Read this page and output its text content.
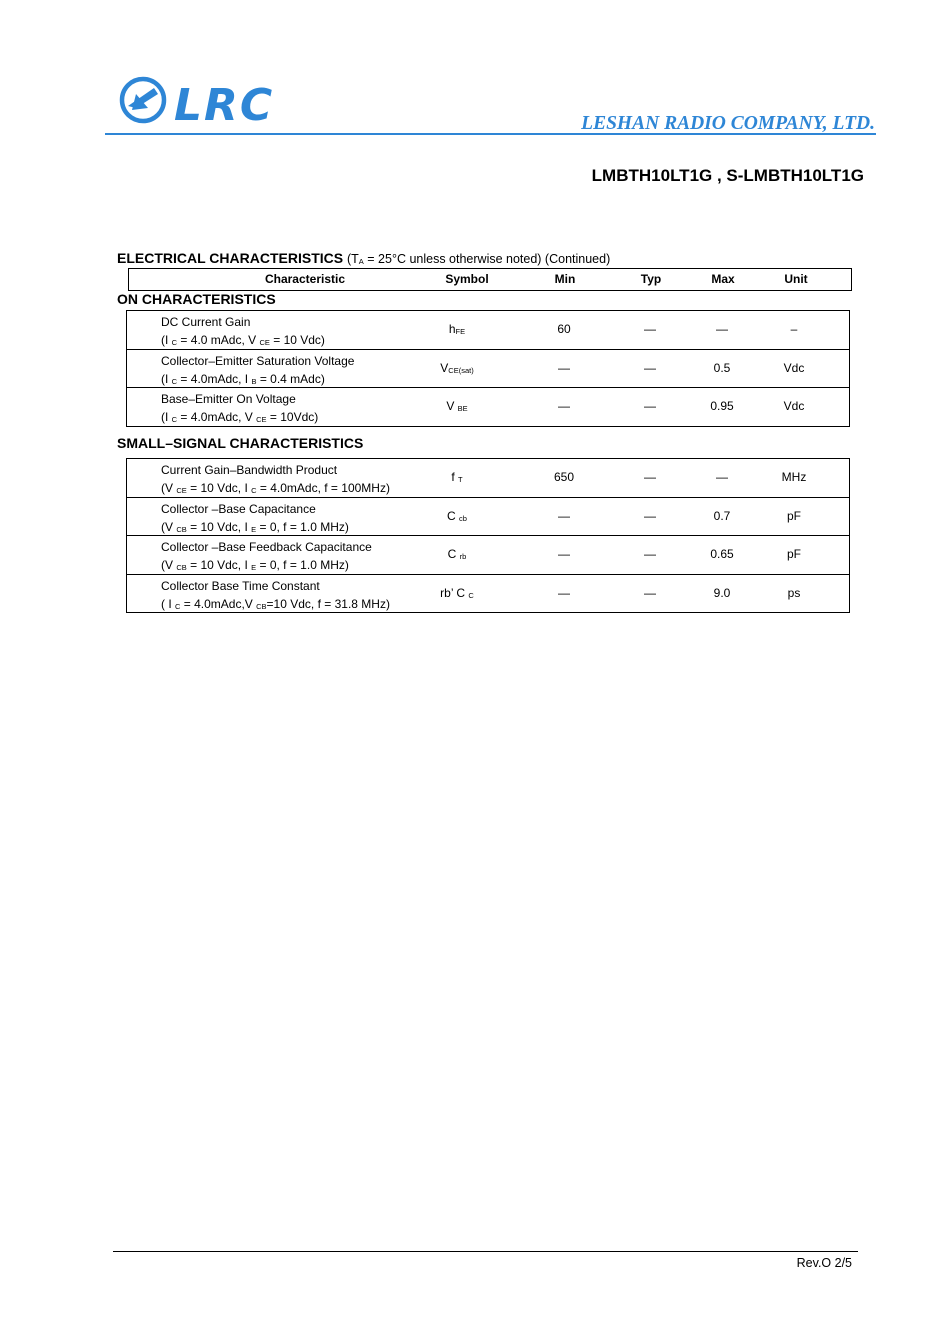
LRC	LESHAN RADIO COMPANY, LTD.
LMBTH10LT1G , S-LMBTH10LT1G
ELECTRICAL CHARACTERISTICS ($T_A = 25^\circ C$ unless otherwise noted) (Continued)
Characteristic	Symbol	Min	Typ	Max	Unit
ON CHARACTERISTICS
DC Current Gain
(I $_C$ = 4.0 mAdc, V $_{CE}$ = 10 Vdc)
$h_{FE}$	60	—	—	–
Collector–Emitter Saturation Voltage
(I $_C$ = 4.0mAdc, I $_B$ = 0.4 mAdc)
$V_{CE(sat)}$	—	—	0.5	Vdc
Base–Emitter On Voltage
(I $_C$ = 4.0mAdc, V $_{CE}$ = 10Vdc)
V $_{BE}$	—	—	0.95	Vdc
SMALL–SIGNAL CHARACTERISTICS
Current Gain–Bandwidth Product
(V $_{CE}$ = 10 Vdc, I $_C$ = 4.0mAdc, f = 100MHz)
f $_T$	650	—	—	MHz
Collector –Base Capacitance
(V $_{CB}$ = 10 Vdc, I $_E$ = 0, f = 1.0 MHz)
C $_{cb}$	—	—	0.7	pF
Collector –Base Feedback Capacitance
(V $_{CB}$ = 10 Vdc, I $_E$ = 0, f = 1.0 MHz)
C $_{rb}$	—	—	0.65	pF
Collector Base Time Constant
( I $_C$ = 4.0mAdc,V $_{CB}$=10 Vdc, f = 31.8 MHz)
rb’ C $_C$	—	—	9.0	ps
Rev.O 2/5
